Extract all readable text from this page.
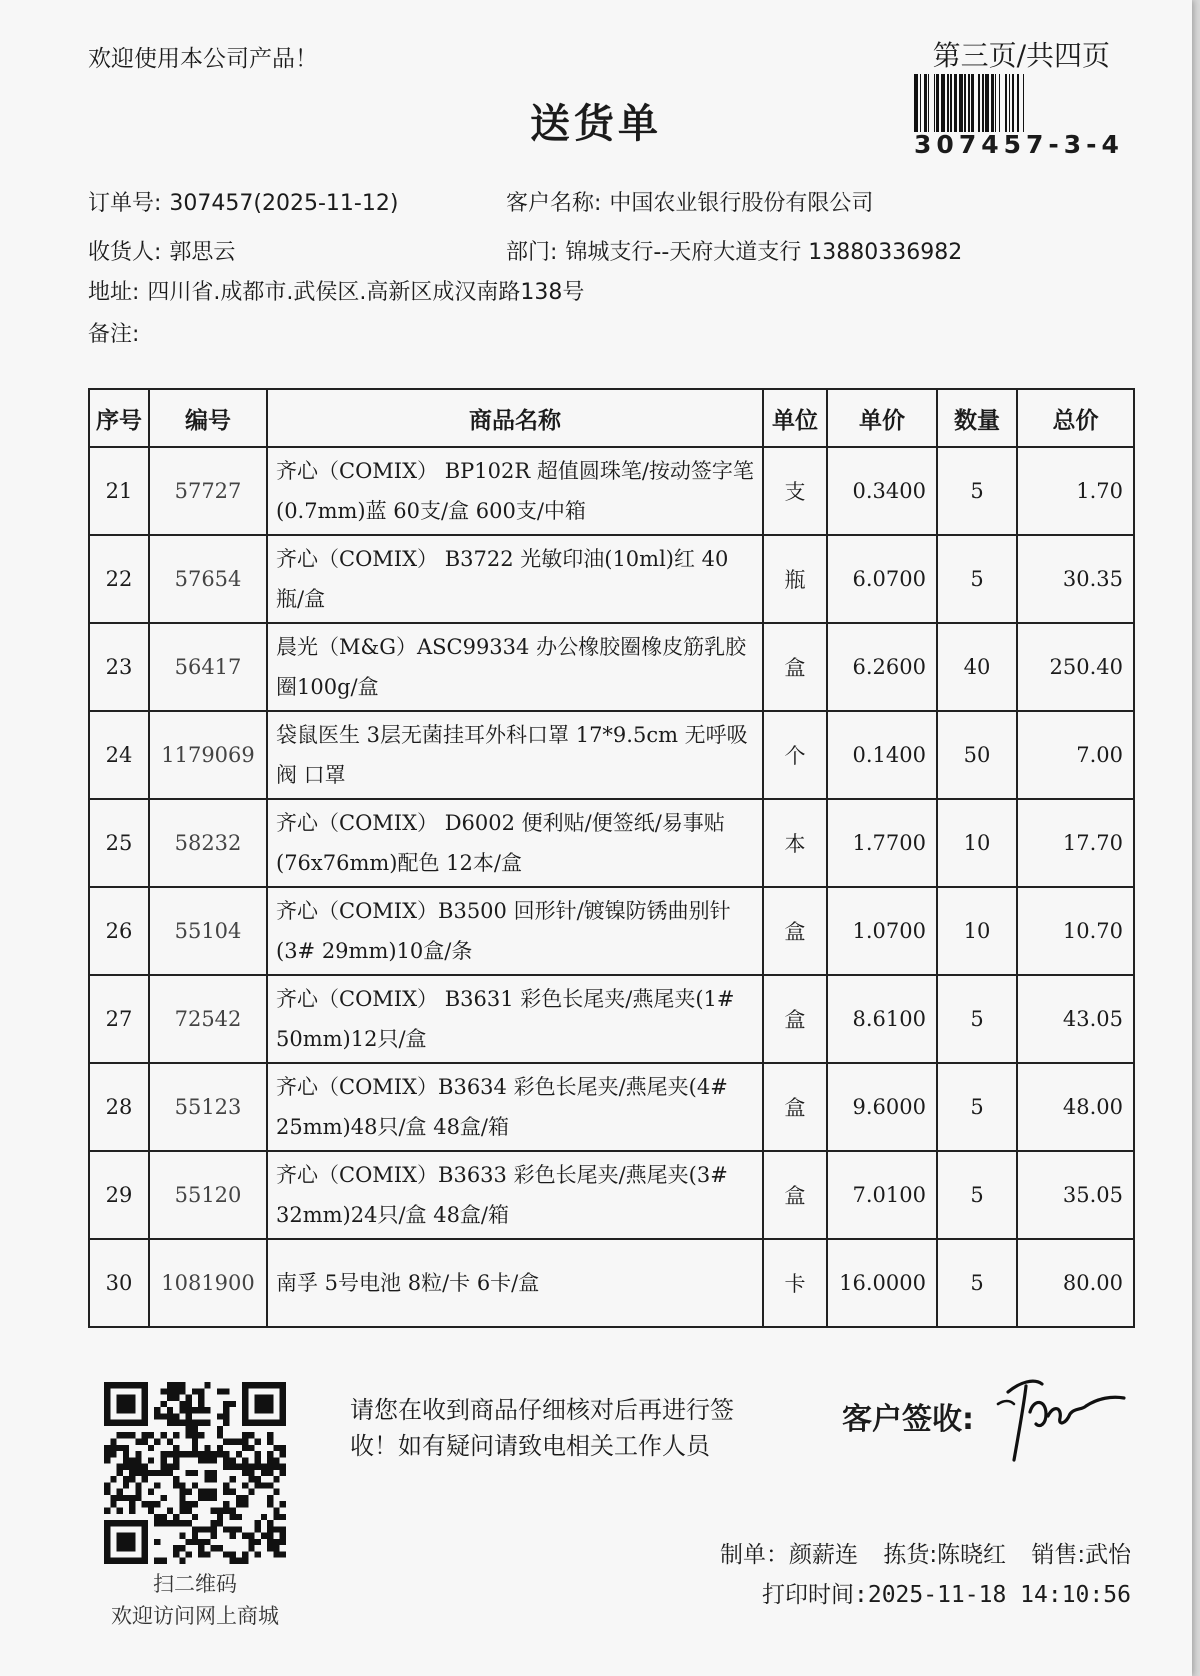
欢迎使用本公司产品！	第三页/共四页
307457-3-4
送货单
订单号: 307457(2025-11-12)	客户名称: 中国农业银行股份有限公司
收货人: 郭思云	部门: 锦城支行--天府大道支行 13880336982
地址: 四川省.成都市.武侯区.高新区成汉南路138号
备注:
序号	编号	商品名称	单位	单价	数量	总价
21	57727	齐心（COMIX） BP102R 超值圆珠笔/按动签字笔(0.7mm)蓝 60支/盒 600支/中箱	支	0.3400	5	1.70
22	57654	齐心（COMIX） B3722 光敏印油(10ml)红 40瓶/盒	瓶	6.0700	5	30.35
23	56417	晨光（M&G）ASC99334 办公橡胶圈橡皮筋乳胶圈100g/盒	盒	6.2600	40	250.40
24	1179069	袋鼠医生 3层无菌挂耳外科口罩 17*9.5cm 无呼吸阀 口罩	个	0.1400	50	7.00
25	58232	齐心（COMIX） D6002 便利贴/便签纸/易事贴(76x76mm)配色 12本/盒	本	1.7700	10	17.70
26	55104	齐心（COMIX）B3500 回形针/镀镍防锈曲别针(3# 29mm)10盒/条	盒	1.0700	10	10.70
27	72542	齐心（COMIX） B3631 彩色长尾夹/燕尾夹(1# 50mm)12只/盒	盒	8.6100	5	43.05
28	55123	齐心（COMIX）B3634 彩色长尾夹/燕尾夹(4# 25mm)48只/盒 48盒/箱	盒	9.6000	5	48.00
29	55120	齐心（COMIX）B3633 彩色长尾夹/燕尾夹(3# 32mm)24只/盒 48盒/箱	盒	7.0100	5	35.05
30	1081900	南孚 5号电池 8粒/卡 6卡/盒	卡	16.0000	5	80.00
扫二维码
欢迎访问网上商城
请您在收到商品仔细核对后再进行签收！如有疑问请致电相关工作人员
客户签收:
制单：颜薪连 拣货:陈晓红 销售:武怡
打印时间:2025-11-18 14:10:56
